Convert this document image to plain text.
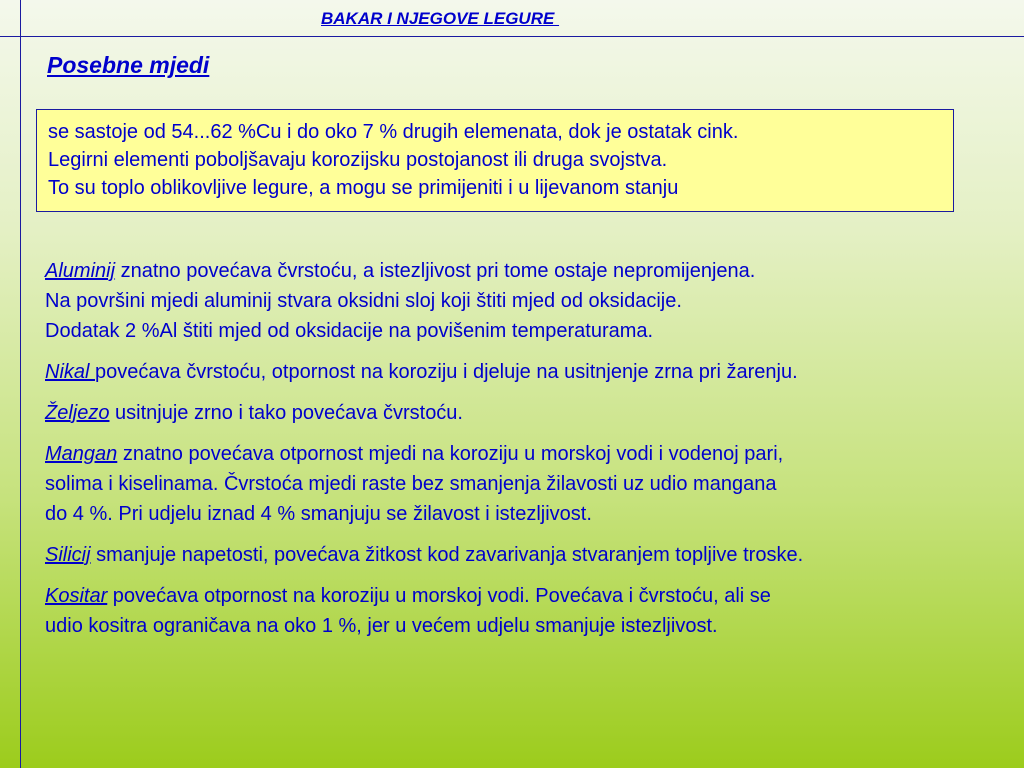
BAKAR I NJEGOVE LEGURE
Posebne mjedi
se sastoje od 54...62 %Cu i do oko 7 % drugih elemenata, dok je ostatak cink.
Legirni elementi poboljšavaju korozijsku postojanost ili druga svojstva.
To su toplo oblikovljive legure, a mogu se primijeniti i u lijevanom stanju

Aluminij znatno povećava čvrstoću, a istezljivost pri tome ostaje nepromijenjena.
Na površini mjedi aluminij stvara oksidni sloj koji štiti mjed od oksidacije.
Dodatak 2 %Al štiti mjed od oksidacije na povišenim temperaturama.

Nikal povećava čvrstoću, otpornost na koroziju i djeluje na usitnjenje zrna pri žarenju.

Željezo usitnjuje zrno i tako povećava čvrstoću.

Mangan znatno povećava otpornost mjedi na koroziju u morskoj vodi i vodenoj pari,
solima i kiselinama. Čvrstoća mjedi raste bez smanjenja žilavosti uz udio mangana
do 4 %. Pri udjelu iznad 4 % smanjuju se žilavost i istezljivost.

Silicij smanjuje napetosti, povećava žitkost kod zavarivanja stvaranjem topljive troske.

Kositar povećava otpornost na koroziju u morskoj vodi. Povećava i čvrstoću, ali se
udio kositra ograničava na oko 1 %, jer u većem udjelu smanjuje istezljivost.
